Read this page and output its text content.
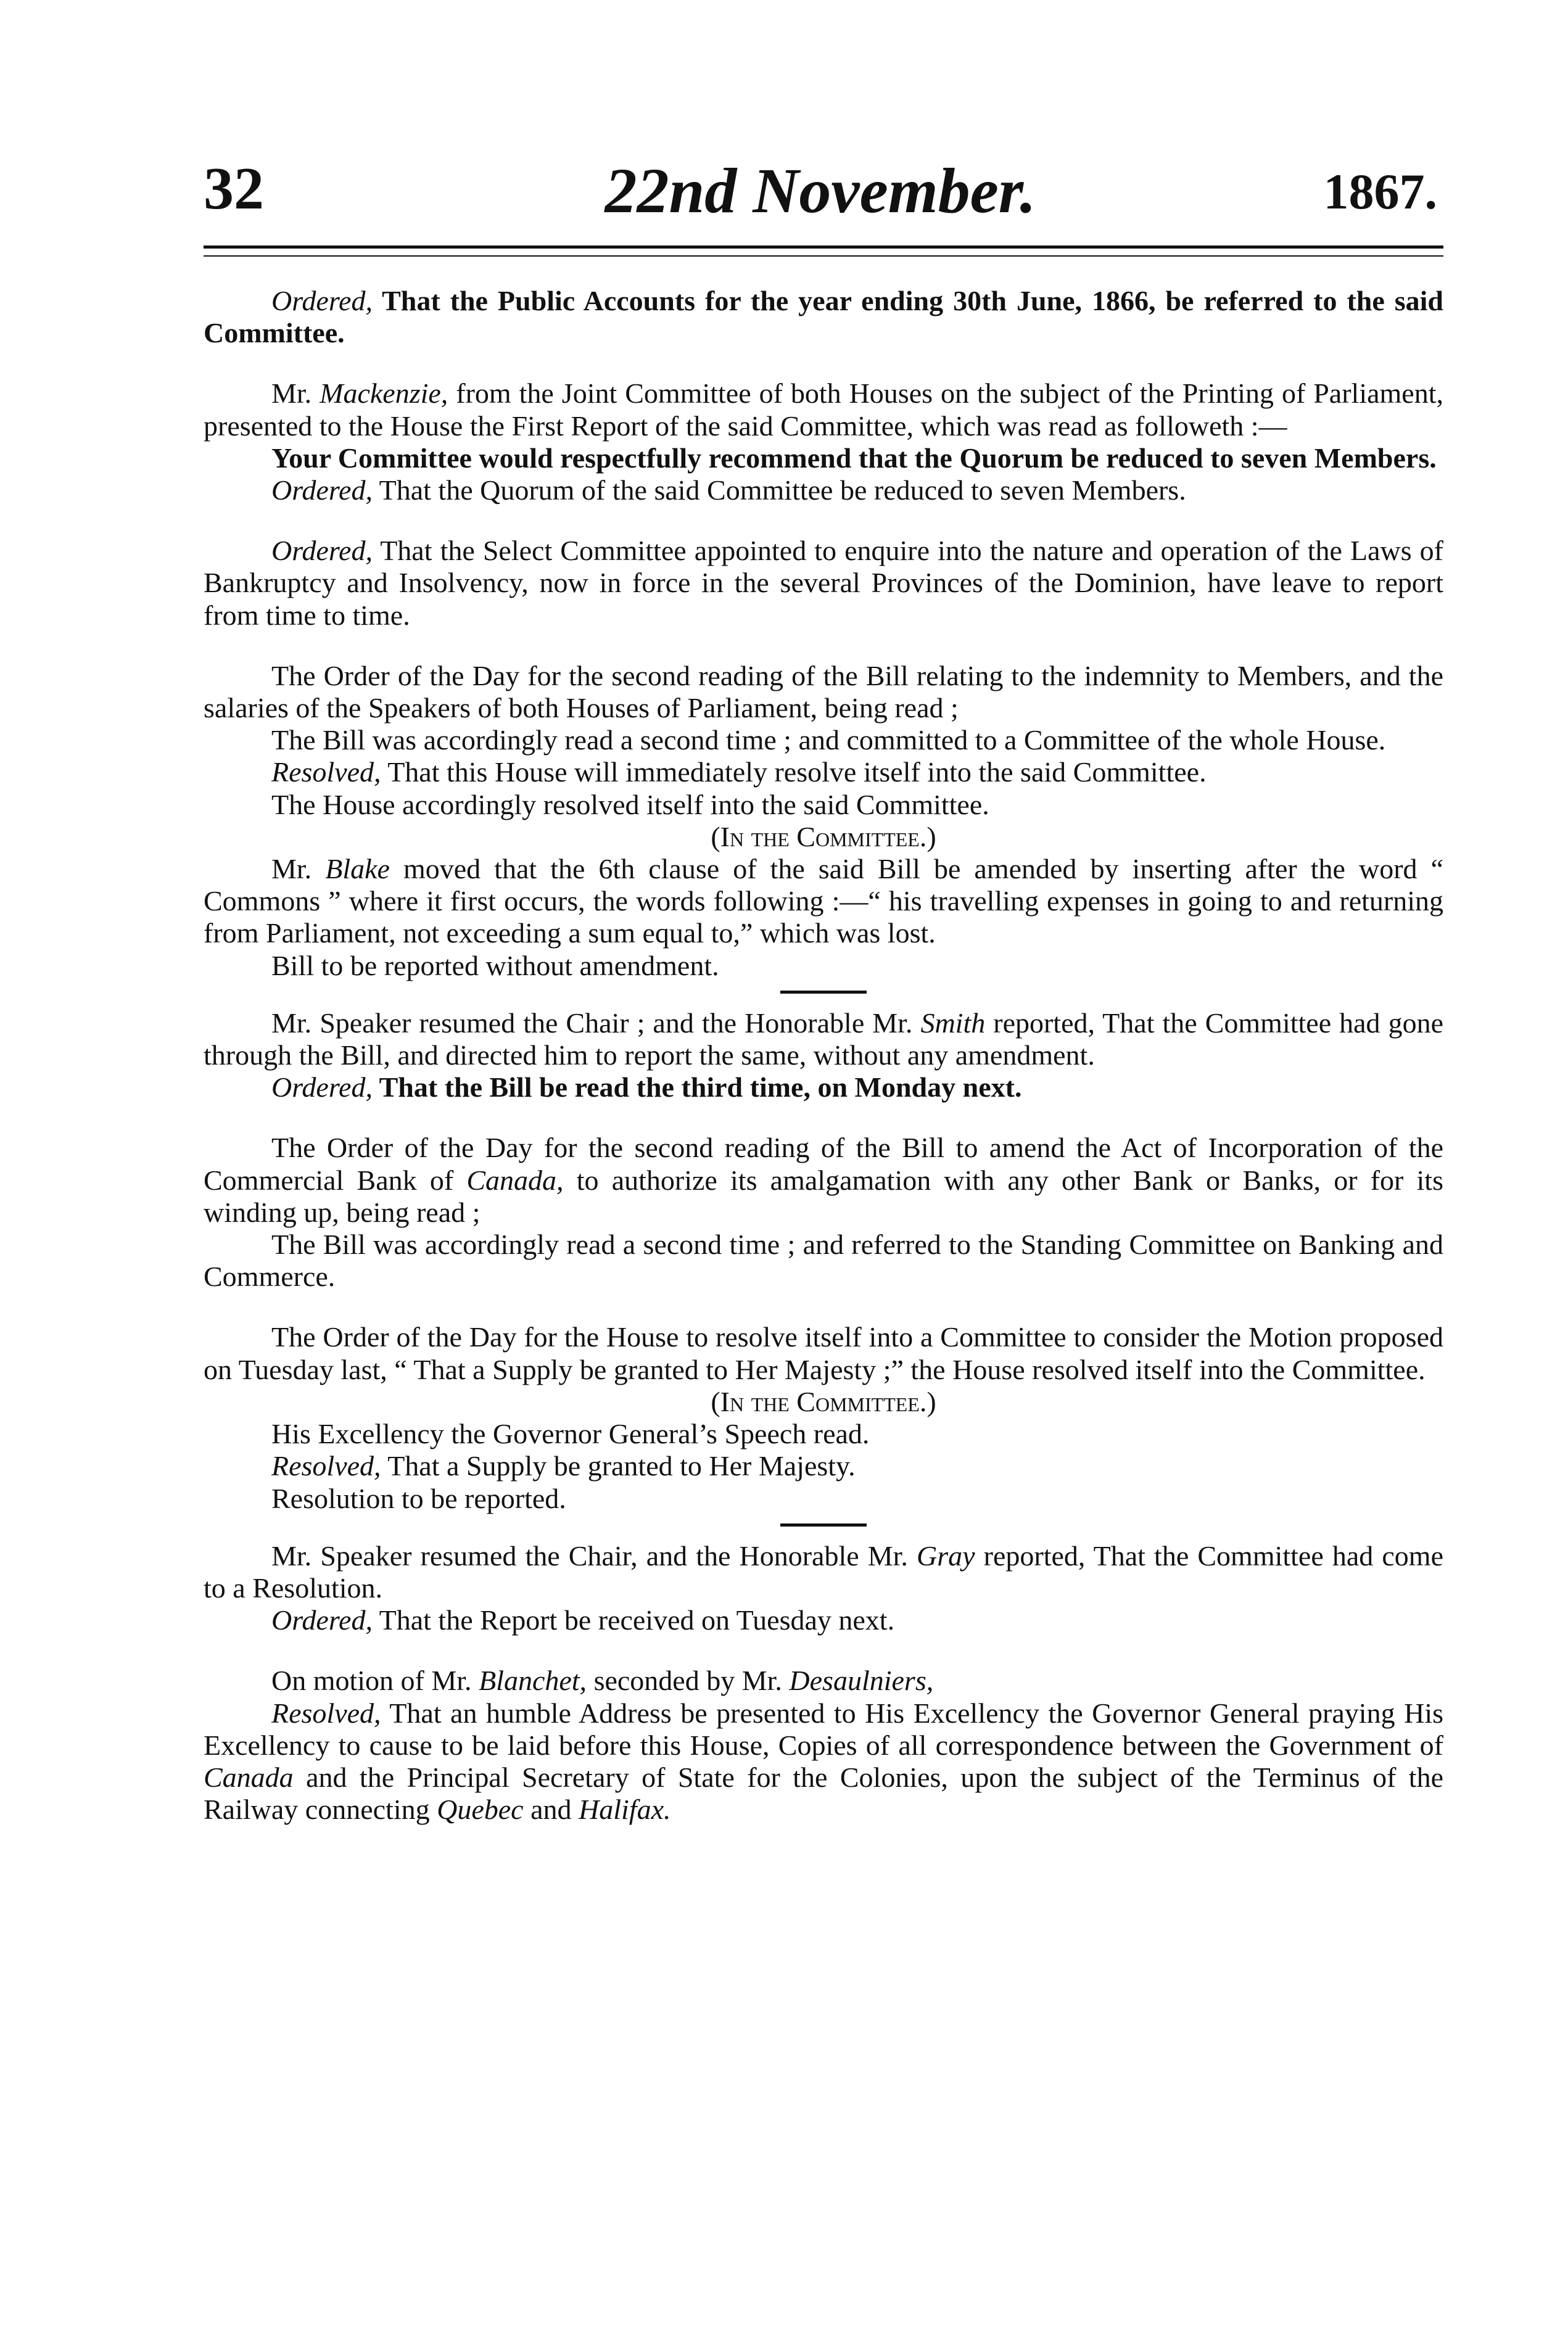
32	22nd November.	1867.

Ordered, That the Public Accounts for the year ending 30th June, 1866, be referred to the said Committee.

Mr. Mackenzie, from the Joint Committee of both Houses on the subject of the Printing of Parliament, presented to the House the First Report of the said Committee, which was read as followeth :—

Your Committee would respectfully recommend that the Quorum be reduced to seven Members.

Ordered, That the Quorum of the said Committee be reduced to seven Members.

Ordered, That the Select Committee appointed to enquire into the nature and operation of the Laws of Bankruptcy and Insolvency, now in force in the several Provinces of the Dominion, have leave to report from time to time.

The Order of the Day for the second reading of the Bill relating to the indemnity to Members, and the salaries of the Speakers of both Houses of Parliament, being read ;

The Bill was accordingly read a second time ; and committed to a Committee of the whole House.

Resolved, That this House will immediately resolve itself into the said Committee.

The House accordingly resolved itself into the said Committee.

(In the Committee.)

Mr. Blake moved that the 6th clause of the said Bill be amended by inserting after the word “ Commons ” where it first occurs, the words following :—“ his travelling expenses in going to and returning from Parliament, not exceeding a sum equal to,” which was lost.

Bill to be reported without amendment.

Mr. Speaker resumed the Chair ; and the Honorable Mr. Smith reported, That the Committee had gone through the Bill, and directed him to report the same, without any amendment.

Ordered, That the Bill be read the third time, on Monday next.

The Order of the Day for the second reading of the Bill to amend the Act of Incorporation of the Commercial Bank of Canada, to authorize its amalgamation with any other Bank or Banks, or for its winding up, being read ;

The Bill was accordingly read a second time ; and referred to the Standing Committee on Banking and Commerce.

The Order of the Day for the House to resolve itself into a Committee to consider the Motion proposed on Tuesday last, “ That a Supply be granted to Her Majesty ;” the House resolved itself into the Committee.

(In the Committee.)

His Excellency the Governor General’s Speech read.

Resolved, That a Supply be granted to Her Majesty.

Resolution to be reported.

Mr. Speaker resumed the Chair, and the Honorable Mr. Gray reported, That the Committee had come to a Resolution.

Ordered, That the Report be received on Tuesday next.

On motion of Mr. Blanchet, seconded by Mr. Desaulniers,

Resolved, That an humble Address be presented to His Excellency the Governor General praying His Excellency to cause to be laid before this House, Copies of all correspondence between the Government of Canada and the Principal Secretary of State for the Colonies, upon the subject of the Terminus of the Railway connecting Quebec and Halifax.
